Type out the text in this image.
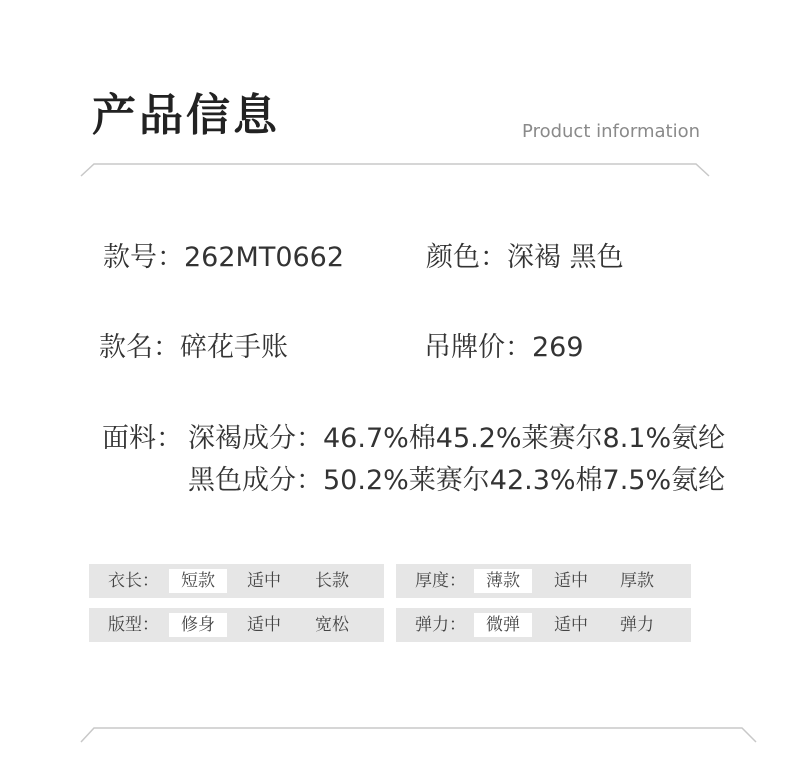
产品信息	Product information
款号：262MT0662	颜色：深褐 黑色
款名：碎花手账	吊牌价：269
面料： 深褐成分：46.7%棉45.2%莱赛尔8.1%氨纶
黑色成分：50.2%莱赛尔42.3%棉7.5%氨纶
衣长：	短款	适中	长款	厚度：	薄款	适中	厚款
版型：	修身	适中	宽松	弹力：	微弹	适中	弹力
